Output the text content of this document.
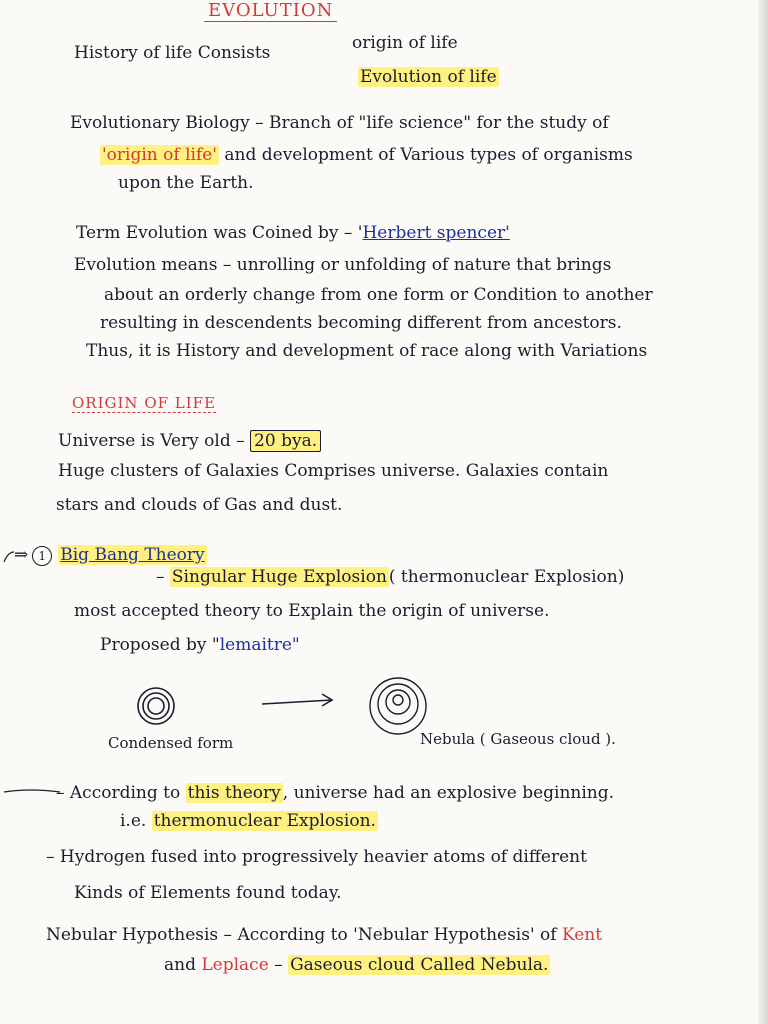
EVOLUTION
History of life Consists	origin of life
Evolution of life
Evolutionary Biology – Branch of "life science" for the study of
'origin of life' and development of Various types of organisms
upon the Earth.
Term Evolution was Coined by – 'Herbert spencer'
Evolution means – unrolling or unfolding of nature that brings
about an orderly change from one form or Condition to another
resulting in descendents becoming different from ancestors.
Thus, it is History and development of race along with Variations
ORIGIN OF LIFE
Universe is Very old – 20 bya.
Huge clusters of Galaxies Comprises universe. Galaxies contain
stars and clouds of Gas and dust.
⇒ 1 Big Bang Theory
– Singular Huge Explosion ( thermonuclear Explosion)
most accepted theory to Explain the origin of universe.
Proposed by "lemaitre"
Condensed form	Nebula ( Gaseous cloud ).
– According to this theory , universe had an explosive beginning.
i.e. thermonuclear Explosion.
– Hydrogen fused into progressively heavier atoms of different
Kinds of Elements found today.
Nebular Hypothesis – According to 'Nebular Hypothesis' of Kent
and Leplace – Gaseous cloud Called Nebula.
